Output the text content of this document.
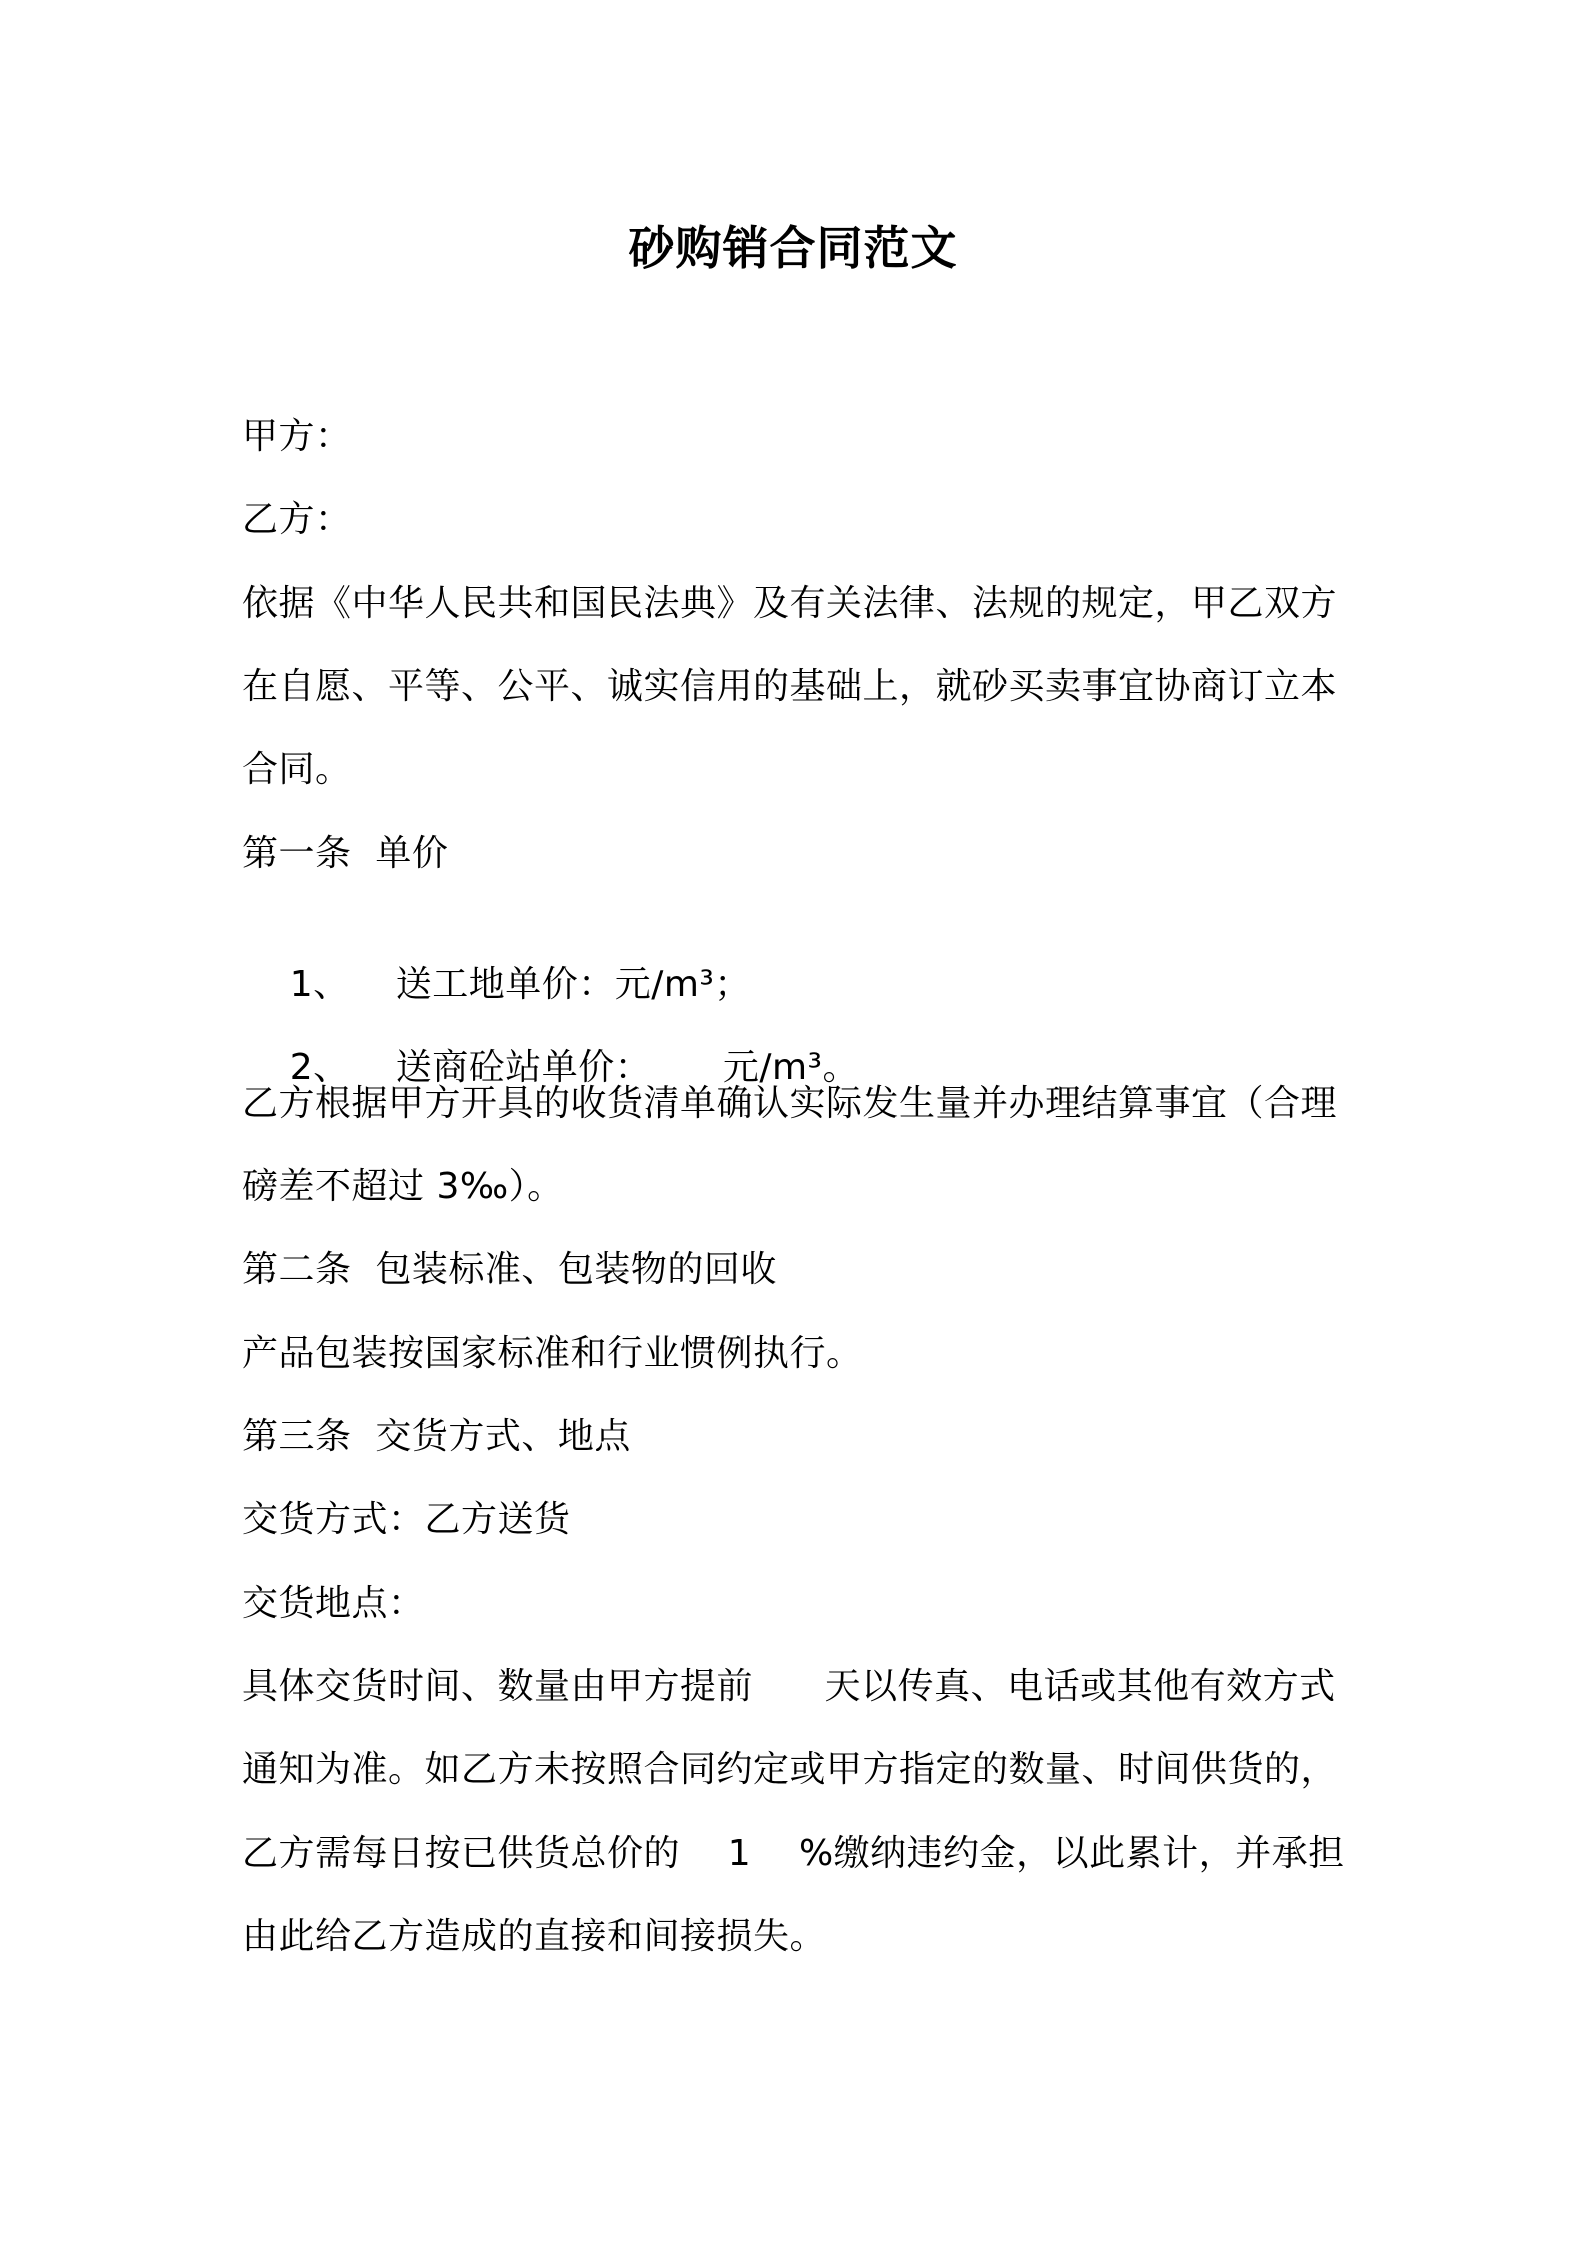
砂购销合同范文
甲方：
乙方：
依据《中华人民共和国民法典》及有关法律、法规的规定，甲乙双方
在自愿、平等、公平、诚实信用的基础上，就砂买卖事宜协商订立本
合同。
第一条  单价

1、 送工地单价：元/m³；

2、 送商砼站单价：      元/m³。

乙方根据甲方开具的收货清单确认实际发生量并办理结算事宜（合理
磅差不超过 3‰）。
第二条  包装标准、包装物的回收
产品包装按国家标准和行业惯例执行。
第三条  交货方式、地点
交货方式：乙方送货
交货地点：
具体交货时间、数量由甲方提前      天以传真、电话或其他有效方式
通知为准。如乙方未按照合同约定或甲方指定的数量、时间供货的，
乙方需每日按已供货总价的    1    %缴纳违约金，以此累计，并承担
由此给乙方造成的直接和间接损失。
